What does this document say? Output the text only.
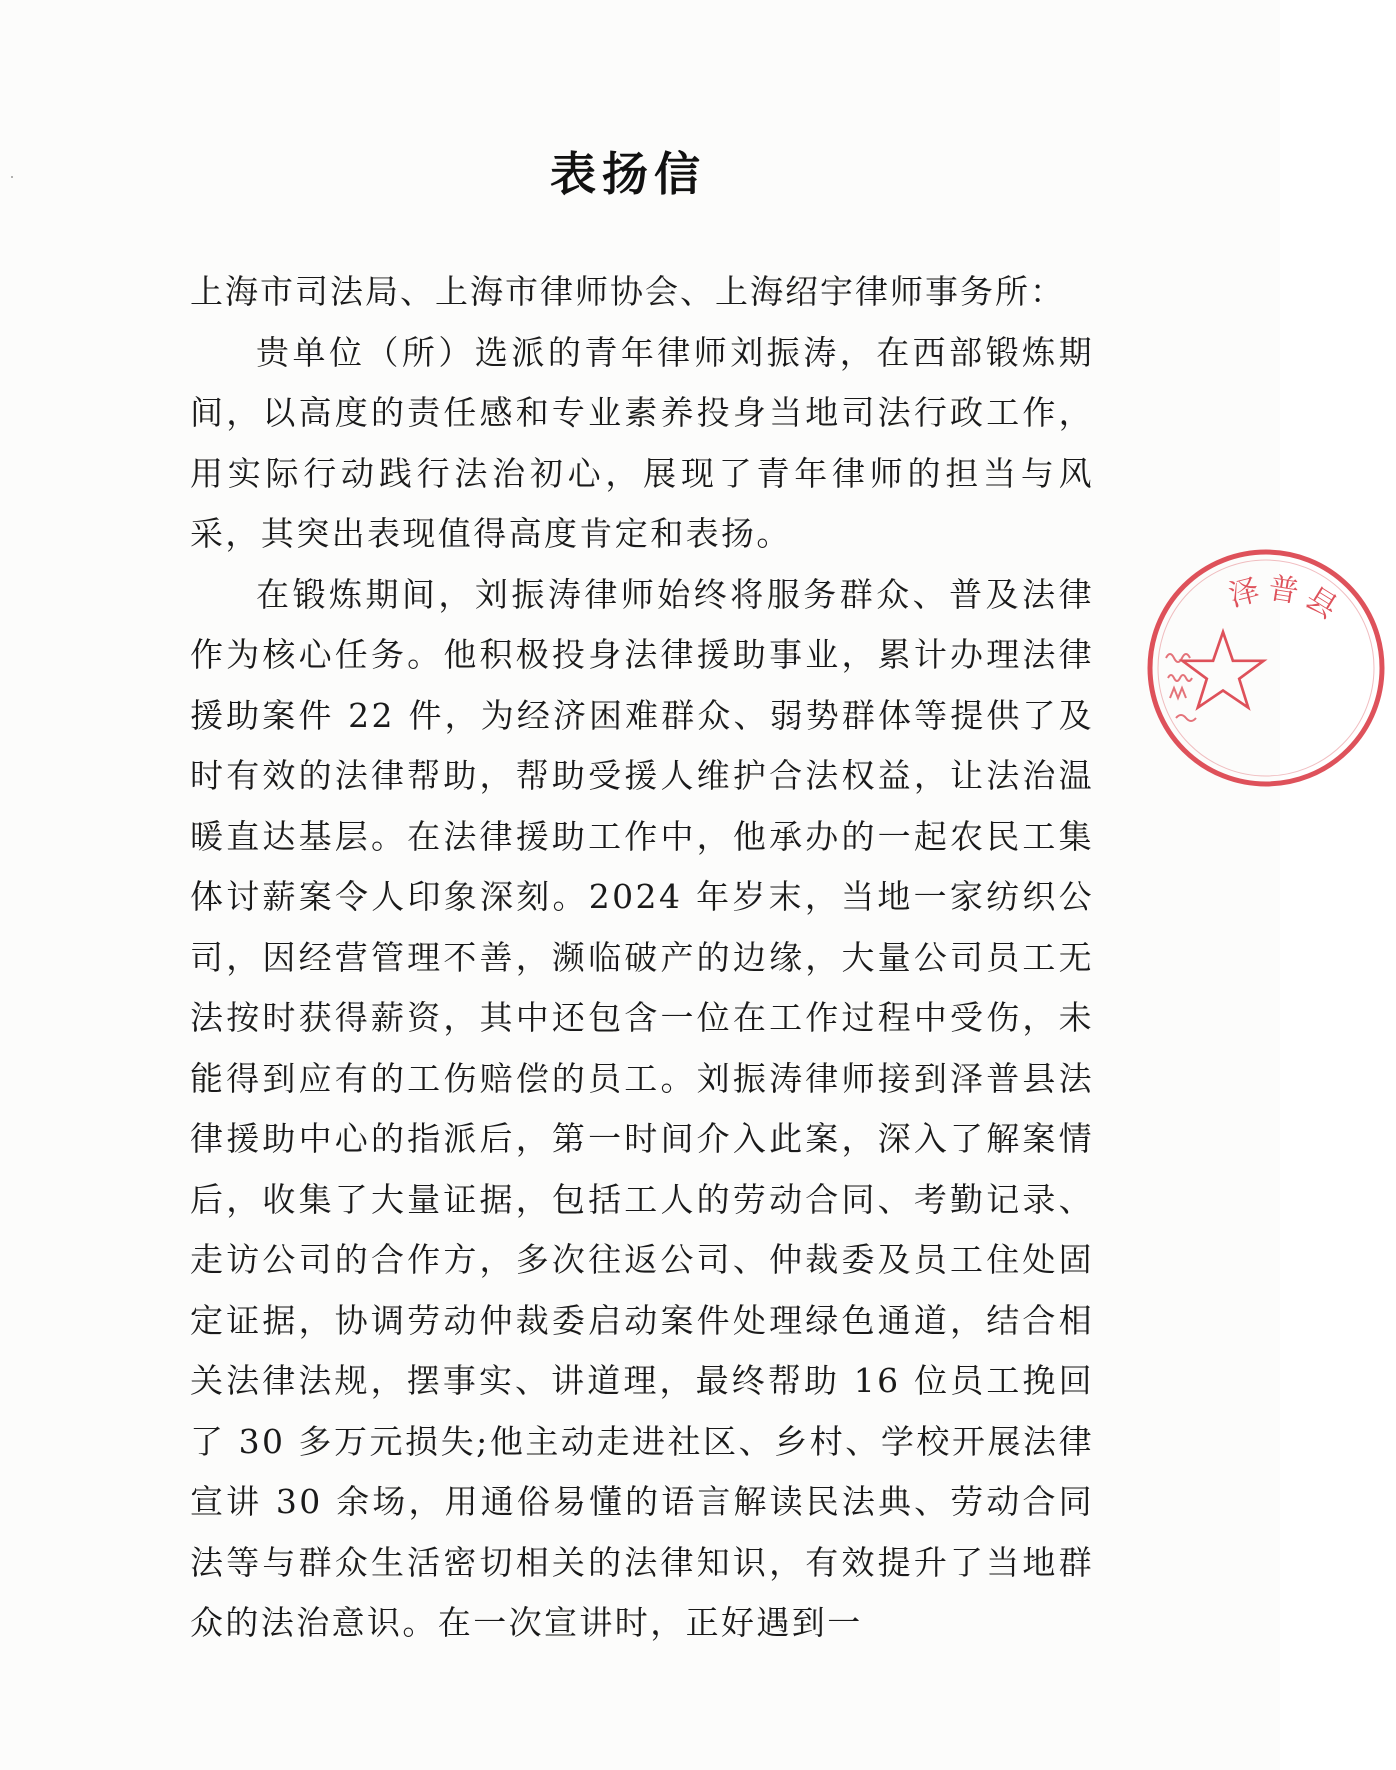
表扬信

上海市司法局、上海市律师协会、上海绍宇律师事务所：

贵单位（所）选派的青年律师刘振涛，在西部锻炼期间，以高度的责任感和专业素养投身当地司法行政工作，用实际行动践行法治初心，展现了青年律师的担当与风采，其突出表现值得高度肯定和表扬。

在锻炼期间，刘振涛律师始终将服务群众、普及法律作为核心任务。他积极投身法律援助事业，累计办理法律援助案件 22 件，为经济困难群众、弱势群体等提供了及时有效的法律帮助，帮助受援人维护合法权益，让法治温暖直达基层。在法律援助工作中，他承办的一起农民工集体讨薪案令人印象深刻。2024 年岁末，当地一家纺织公司，因经营管理不善，濒临破产的边缘，大量公司员工无法按时获得薪资，其中还包含一位在工作过程中受伤，未能得到应有的工伤赔偿的员工。刘振涛律师接到泽普县法律援助中心的指派后，第一时间介入此案，深入了解案情后，收集了大量证据，包括工人的劳动合同、考勤记录、走访公司的合作方，多次往返公司、仲裁委及员工住处固定证据，协调劳动仲裁委启动案件处理绿色通道，结合相关法律法规，摆事实、讲道理，最终帮助 16 位员工挽回了 30 多万元损失;他主动走进社区、乡村、学校开展法律宣讲 30 余场，用通俗易懂的语言解读民法典、劳动合同法等与群众生活密切相关的法律知识，有效提升了当地群众的法治意识。在一次宣讲时，正好遇到一

泽普县
